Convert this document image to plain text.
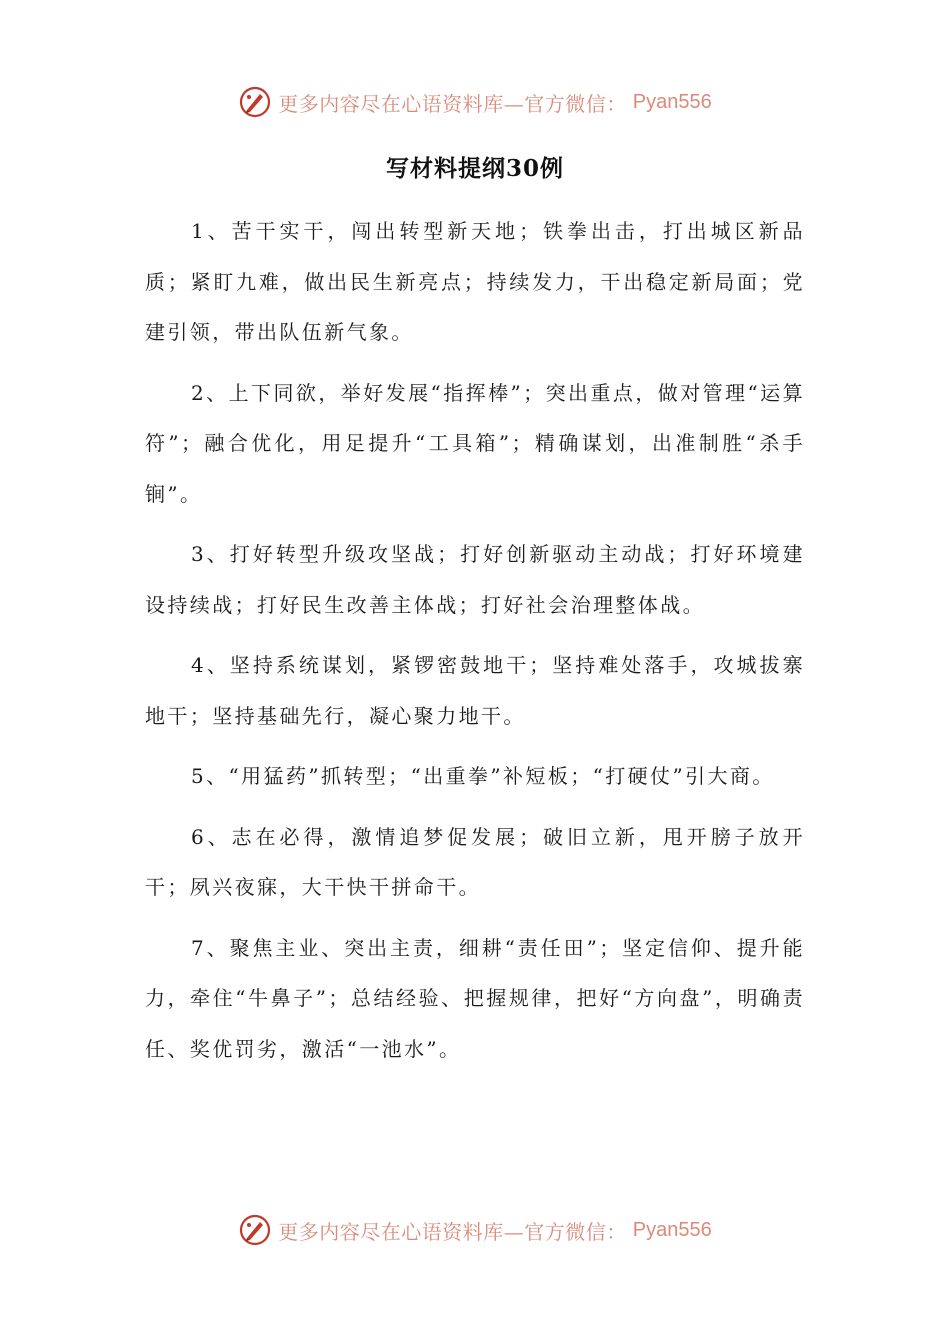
更多内容尽在心语资料库—官方微信： Pyan556
写材料提纲30例

1、苦干实干，闯出转型新天地；铁拳出击，打出城区新品质；紧盯九难，做出民生新亮点；持续发力，干出稳定新局面；党建引领，带出队伍新气象。

2、上下同欲，举好发展“指挥棒”；突出重点，做对管理“运算符”；融合优化，用足提升“工具箱”；精确谋划，出准制胜“杀手锏”。

3、打好转型升级攻坚战；打好创新驱动主动战；打好环境建设持续战；打好民生改善主体战；打好社会治理整体战。

4、坚持系统谋划，紧锣密鼓地干；坚持难处落手，攻城拔寨地干；坚持基础先行，凝心聚力地干。

5、“用猛药”抓转型；“出重拳”补短板；“打硬仗”引大商。

6、志在必得，激情追梦促发展；破旧立新，甩开膀子放开干；夙兴夜寐，大干快干拼命干。

7、聚焦主业、突出主责，细耕“责任田”；坚定信仰、提升能力，牵住“牛鼻子”；总结经验、把握规律，把好“方向盘”，明确责任、奖优罚劣，激活“一池水”。

更多内容尽在心语资料库—官方微信： Pyan556
